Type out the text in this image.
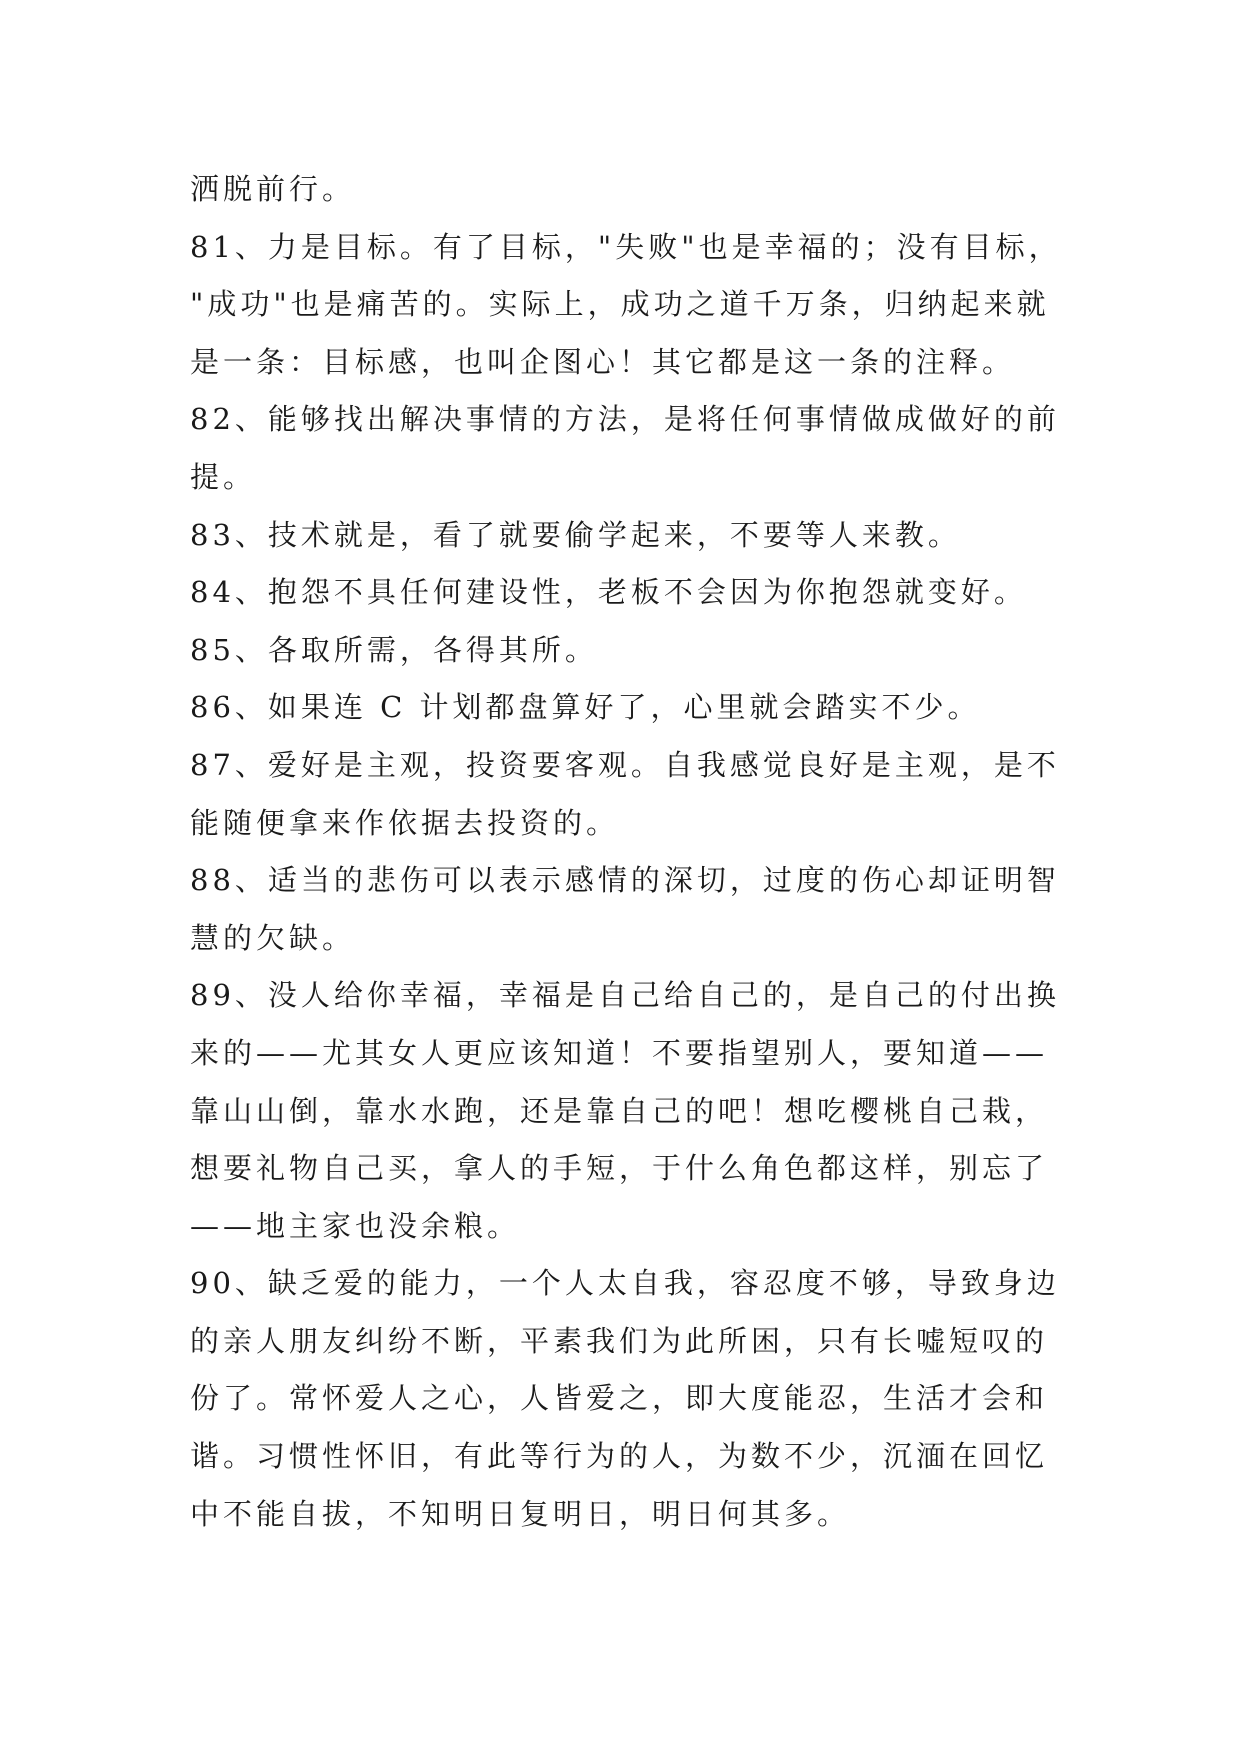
洒脱前行。
81、力是目标。有了目标，"失败"也是幸福的；没有目标，
"成功"也是痛苦的。实际上，成功之道千万条，归纳起来就
是一条：目标感，也叫企图心！其它都是这一条的注释。
82、能够找出解决事情的方法，是将任何事情做成做好的前
提。
83、技术就是，看了就要偷学起来，不要等人来教。
84、抱怨不具任何建设性，老板不会因为你抱怨就变好。
85、各取所需，各得其所。
86、如果连 C 计划都盘算好了，心里就会踏实不少。
87、爱好是主观，投资要客观。自我感觉良好是主观，是不
能随便拿来作依据去投资的。
88、适当的悲伤可以表示感情的深切，过度的伤心却证明智
慧的欠缺。
89、没人给你幸福，幸福是自己给自己的，是自己的付出换
来的——尤其女人更应该知道！不要指望别人，要知道——
靠山山倒，靠水水跑，还是靠自己的吧！想吃樱桃自己栽，
想要礼物自己买，拿人的手短，于什么角色都这样，别忘了
——地主家也没余粮。
90、缺乏爱的能力，一个人太自我，容忍度不够，导致身边
的亲人朋友纠纷不断，平素我们为此所困，只有长嘘短叹的
份了。常怀爱人之心，人皆爱之，即大度能忍，生活才会和
谐。习惯性怀旧，有此等行为的人，为数不少，沉湎在回忆
中不能自拔，不知明日复明日，明日何其多。
